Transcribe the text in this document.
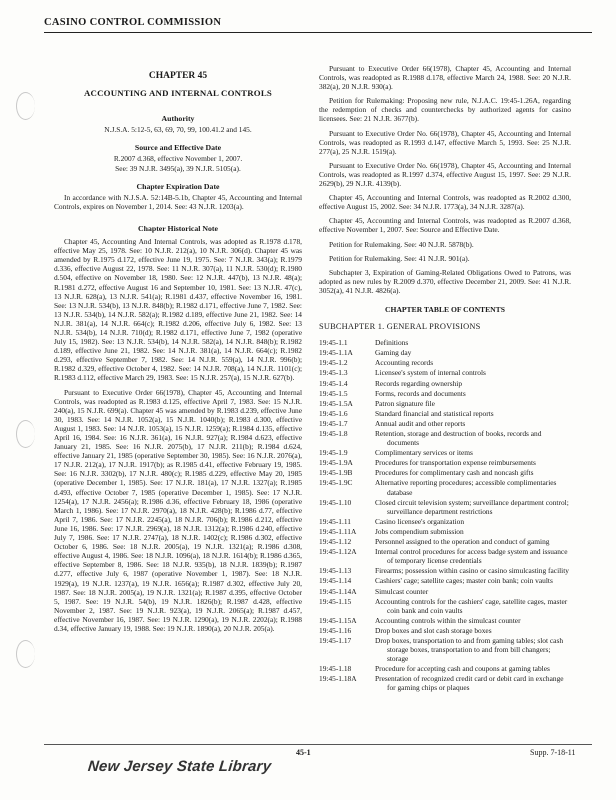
CASINO CONTROL COMMISSION
CHAPTER 45
ACCOUNTING AND INTERNAL CONTROLS
Authority
N.J.S.A. 5:12-5, 63, 69, 70, 99, 100.41.2 and 145.
Source and Effective Date
R.2007 d.368, effective November 1, 2007.
See: 39 N.J.R. 3495(a), 39 N.J.R. 5105(a).
Chapter Expiration Date
In accordance with N.J.S.A. 52:14B-5.1b, Chapter 45, Accounting and Internal Controls, expires on November 1, 2014. See: 43 N.J.R. 1203(a).
Chapter Historical Note
Chapter 45, Accounting And Internal Controls, was adopted as R.1978 d.178, effective May 25, 1978. See: 10 N.J.R. 212(a), 10 N.J.R. 306(d). Chapter 45 was amended by R.1975 d.172, effective June 19, 1975. See: 7 N.J.R. 343(a); R.1979 d.336, effective August 22, 1978. See: 11 N.J.R. 307(a), 11 N.J.R. 530(d); R.1980 d.504, effective on November 18, 1980. See: 12 N.J.R. 447(b), 13 N.J.R. 48(a); R.1981 d.272, effective August 16 and September 10, 1981. See: 13 N.J.R. 47(c), 13 N.J.R. 628(a), 13 N.J.R. 541(a); R.1981 d.437, effective November 16, 1981. See: 13 N.J.R. 534(b), 13 N.J.R. 848(b); R.1982 d.171, effective June 7, 1982. See: 13 N.J.R. 534(b), 14 N.J.R. 582(a); R.1982 d.189, effective June 21, 1982. See: 14 N.J.R. 381(a), 14 N.J.R. 664(c); R.1982 d.206, effective July 6, 1982. See: 13 N.J.R. 534(b), 14 N.J.R. 710(d); R.1982 d.171, effective June 7, 1982 (operative July 15, 1982). See: 13 N.J.R. 534(b), 14 N.J.R. 582(a), 14 N.J.R. 848(b); R.1982 d.189, effective June 21, 1982. See: 14 N.J.R. 381(a), 14 N.J.R. 664(c); R.1982 d.293, effective September 7, 1982. See: 14 N.J.R. 559(a), 14 N.J.R. 996(b); R.1982 d.329, effective October 4, 1982. See: 14 N.J.R. 708(a), 14 N.J.R. 1101(c); R.1983 d.112, effective March 29, 1983. See: 15 N.J.R. 257(a), 15 N.J.R. 627(b).
Pursuant to Executive Order 66(1978), Chapter 45, Accounting and Internal Controls, was readopted as R.1983 d.125, effective April 7, 1983. See: 15 N.J.R. 240(a), 15 N.J.R. 699(a). Chapter 45 was amended by R.1983 d.239, effective June 30, 1983. See: 14 N.J.R. 1052(a), 15 N.J.R. 1040(b); R.1983 d.300, effective August 1, 1983. See: 14 N.J.R. 1053(a), 15 N.J.R. 1259(a); R.1984 d.135, effective April 16, 1984. See: 16 N.J.R. 361(a), 16 N.J.R. 927(a); R.1984 d.623, effective January 21, 1985. See: 16 N.J.R. 2075(b), 17 N.J.R. 211(b); R.1984 d.624, effective January 21, 1985 (operative September 30, 1985). See: 16 N.J.R. 2076(a), 17 N.J.R. 212(a), 17 N.J.R. 1917(b); as R.1985 d.41, effective February 19, 1985. See: 16 N.J.R. 3302(b), 17 N.J.R. 480(c); R.1985 d.229, effective May 20, 1985 (operative December 1, 1985). See: 17 N.J.R. 181(a), 17 N.J.R. 1327(a); R.1985 d.493, effective October 7, 1985 (operative December 1, 1985). See: 17 N.J.R. 1254(a), 17 N.J.R. 2456(a); R.1986 d.36, effective February 18, 1986 (operative March 1, 1986). See: 17 N.J.R. 2970(a), 18 N.J.R. 428(b); R.1986 d.77, effective April 7, 1986. See: 17 N.J.R. 2245(a), 18 N.J.R. 706(b); R.1986 d.212, effective June 16, 1986. See: 17 N.J.R. 2969(a), 18 N.J.R. 1312(a); R.1986 d.240, effective July 7, 1986. See: 17 N.J.R. 2747(a), 18 N.J.R. 1402(c); R.1986 d.302, effective October 6, 1986. See: 18 N.J.R. 2005(a), 19 N.J.R. 1321(a); R.1986 d.308, effective August 4, 1986. See: 18 N.J.R. 1096(a), 18 N.J.R. 1614(b); R.1986 d.365, effective September 8, 1986. See: 18 N.J.R. 935(b), 18 N.J.R. 1839(b); R.1987 d.277, effective July 6, 1987 (operative November 1, 1987). See: 18 N.J.R. 1929(a), 19 N.J.R. 1237(a), 19 N.J.R. 1656(a); R.1987 d.302, effective July 20, 1987. See: 18 N.J.R. 2005(a), 19 N.J.R. 1321(a); R.1987 d.395, effective October 5, 1987. See: 19 N.J.R. 54(b), 19 N.J.R. 1826(b); R.1987 d.428, effective November 2, 1987. See: 19 N.J.R. 923(a), 19 N.J.R. 2065(a); R.1987 d.457, effective November 16, 1987. See: 19 N.J.R. 1290(a), 19 N.J.R. 2202(a); R.1988 d.34, effective January 19, 1988. See: 19 N.J.R. 1890(a), 20 N.J.R. 205(a).
Pursuant to Executive Order 66(1978), Chapter 45, Accounting and Internal Controls, was readopted as R.1988 d.178, effective March 24, 1988. See: 20 N.J.R. 382(a), 20 N.J.R. 930(a).
Petition for Rulemaking: Proposing new rule, N.J.A.C. 19:45-1.26A, regarding the redemption of checks and counterchecks by authorized agents for casino licensees. See: 21 N.J.R. 3677(b).
Pursuant to Executive Order No. 66(1978), Chapter 45, Accounting and Internal Controls, was readopted as R.1993 d.147, effective March 5, 1993. See: 25 N.J.R. 277(a), 25 N.J.R. 1519(a).
Pursuant to Executive Order No. 66(1978), Chapter 45, Accounting and Internal Controls, was readopted as R.1997 d.374, effective August 15, 1997. See: 29 N.J.R. 2629(b), 29 N.J.R. 4139(b).
Chapter 45, Accounting and Internal Controls, was readopted as R.2002 d.300, effective August 15, 2002. See: 34 N.J.R. 1773(a), 34 N.J.R. 3287(a).
Chapter 45, Accounting and Internal Controls, was readopted as R.2007 d.368, effective November 1, 2007. See: Source and Effective Date.
Petition for Rulemaking. See: 40 N.J.R. 5878(b).
Petition for Rulemaking. See: 41 N.J.R. 901(a).
Subchapter 3, Expiration of Gaming-Related Obligations Owed to Patrons, was adopted as new rules by R.2009 d.370, effective December 21, 2009. See: 41 N.J.R. 3052(a), 41 N.J.R. 4826(a).
CHAPTER TABLE OF CONTENTS
SUBCHAPTER 1. GENERAL PROVISIONS
19:45-1.1	Definitions
19:45-1.1A	Gaming day
19:45-1.2	Accounting records
19:45-1.3	Licensee's system of internal controls
19:45-1.4	Records regarding ownership
19:45-1.5	Forms, records and documents
19:45-1.5A	Patron signature file
19:45-1.6	Standard financial and statistical reports
19:45-1.7	Annual audit and other reports
19:45-1.8	Retention, storage and destruction of books, records and documents
19:45-1.9	Complimentary services or items
19:45-1.9A	Procedures for transportation expense reimbursements
19:45-1.9B	Procedures for complimentary cash and noncash gifts
19:45-1.9C	Alternative reporting procedures; accessible complimentaries database
19:45-1.10	Closed circuit television system; surveillance department control; surveillance department restrictions
19:45-1.11	Casino licensee's organization
19:45-1.11A	Jobs compendium submission
19:45-1.12	Personnel assigned to the operation and conduct of gaming
19:45-1.12A	Internal control procedures for access badge system and issuance of temporary license credentials
19:45-1.13	Firearms; possession within casino or casino simulcasting facility
19:45-1.14	Cashiers' cage; satellite cages; master coin bank; coin vaults
19:45-1.14A	Simulcast counter
19:45-1.15	Accounting controls for the cashiers' cage, satellite cages, master coin bank and coin vaults
19:45-1.15A	Accounting controls within the simulcast counter
19:45-1.16	Drop boxes and slot cash storage boxes
19:45-1.17	Drop boxes, transportation to and from gaming tables; slot cash storage boxes, transportation to and from bill changers; storage
19:45-1.18	Procedure for accepting cash and coupons at gaming tables
19:45-1.18A	Presentation of recognized credit card or debit card in exchange for gaming chips or plaques
45-1	Supp. 7-18-11
New Jersey State Library
